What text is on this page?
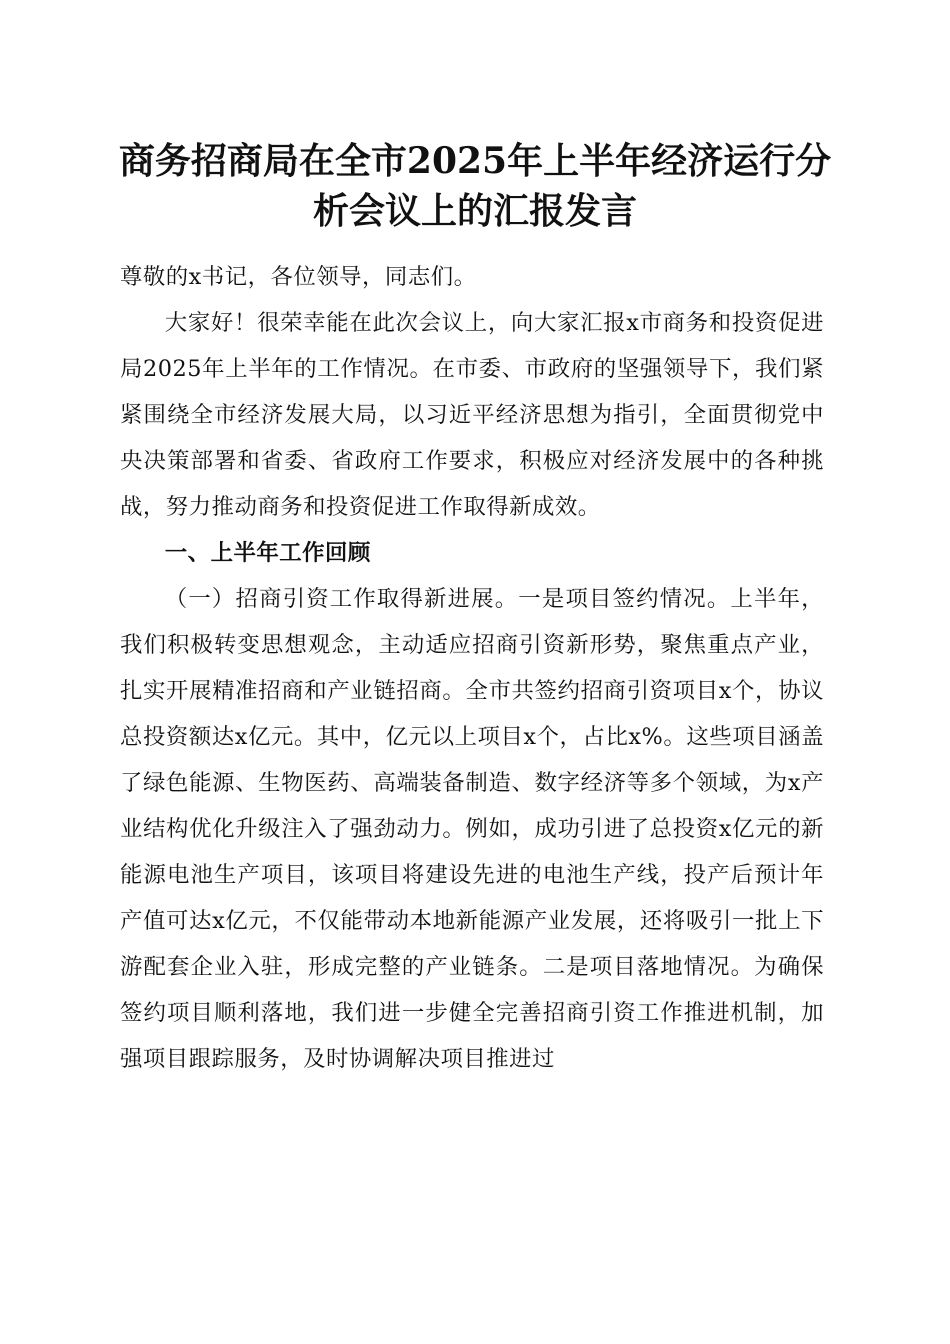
商务招商局在全市2025年上半年经济运行分
析会议上的汇报发言

尊敬的x书记，各位领导，同志们。

大家好！很荣幸能在此次会议上，向大家汇报x市商务和投资促进局2025年上半年的工作情况。在市委、市政府的坚强领导下，我们紧紧围绕全市经济发展大局，以习近平经济思想为指引，全面贯彻党中央决策部署和省委、省政府工作要求，积极应对经济发展中的各种挑战，努力推动商务和投资促进工作取得新成效。

一、上半年工作回顾

（一）招商引资工作取得新进展。一是项目签约情况。上半年，我们积极转变思想观念，主动适应招商引资新形势，聚焦重点产业，扎实开展精准招商和产业链招商。全市共签约招商引资项目x个，协议总投资额达x亿元。其中，亿元以上项目x个，占比x%。这些项目涵盖了绿色能源、生物医药、高端装备制造、数字经济等多个领域，为x产业结构优化升级注入了强劲动力。例如，成功引进了总投资x亿元的新能源电池生产项目，该项目将建设先进的电池生产线，投产后预计年产值可达x亿元，不仅能带动本地新能源产业发展，还将吸引一批上下游配套企业入驻，形成完整的产业链条。二是项目落地情况。为确保签约项目顺利落地，我们进一步健全完善招商引资工作推进机制，加强项目跟踪服务，及时协调解决项目推进过
